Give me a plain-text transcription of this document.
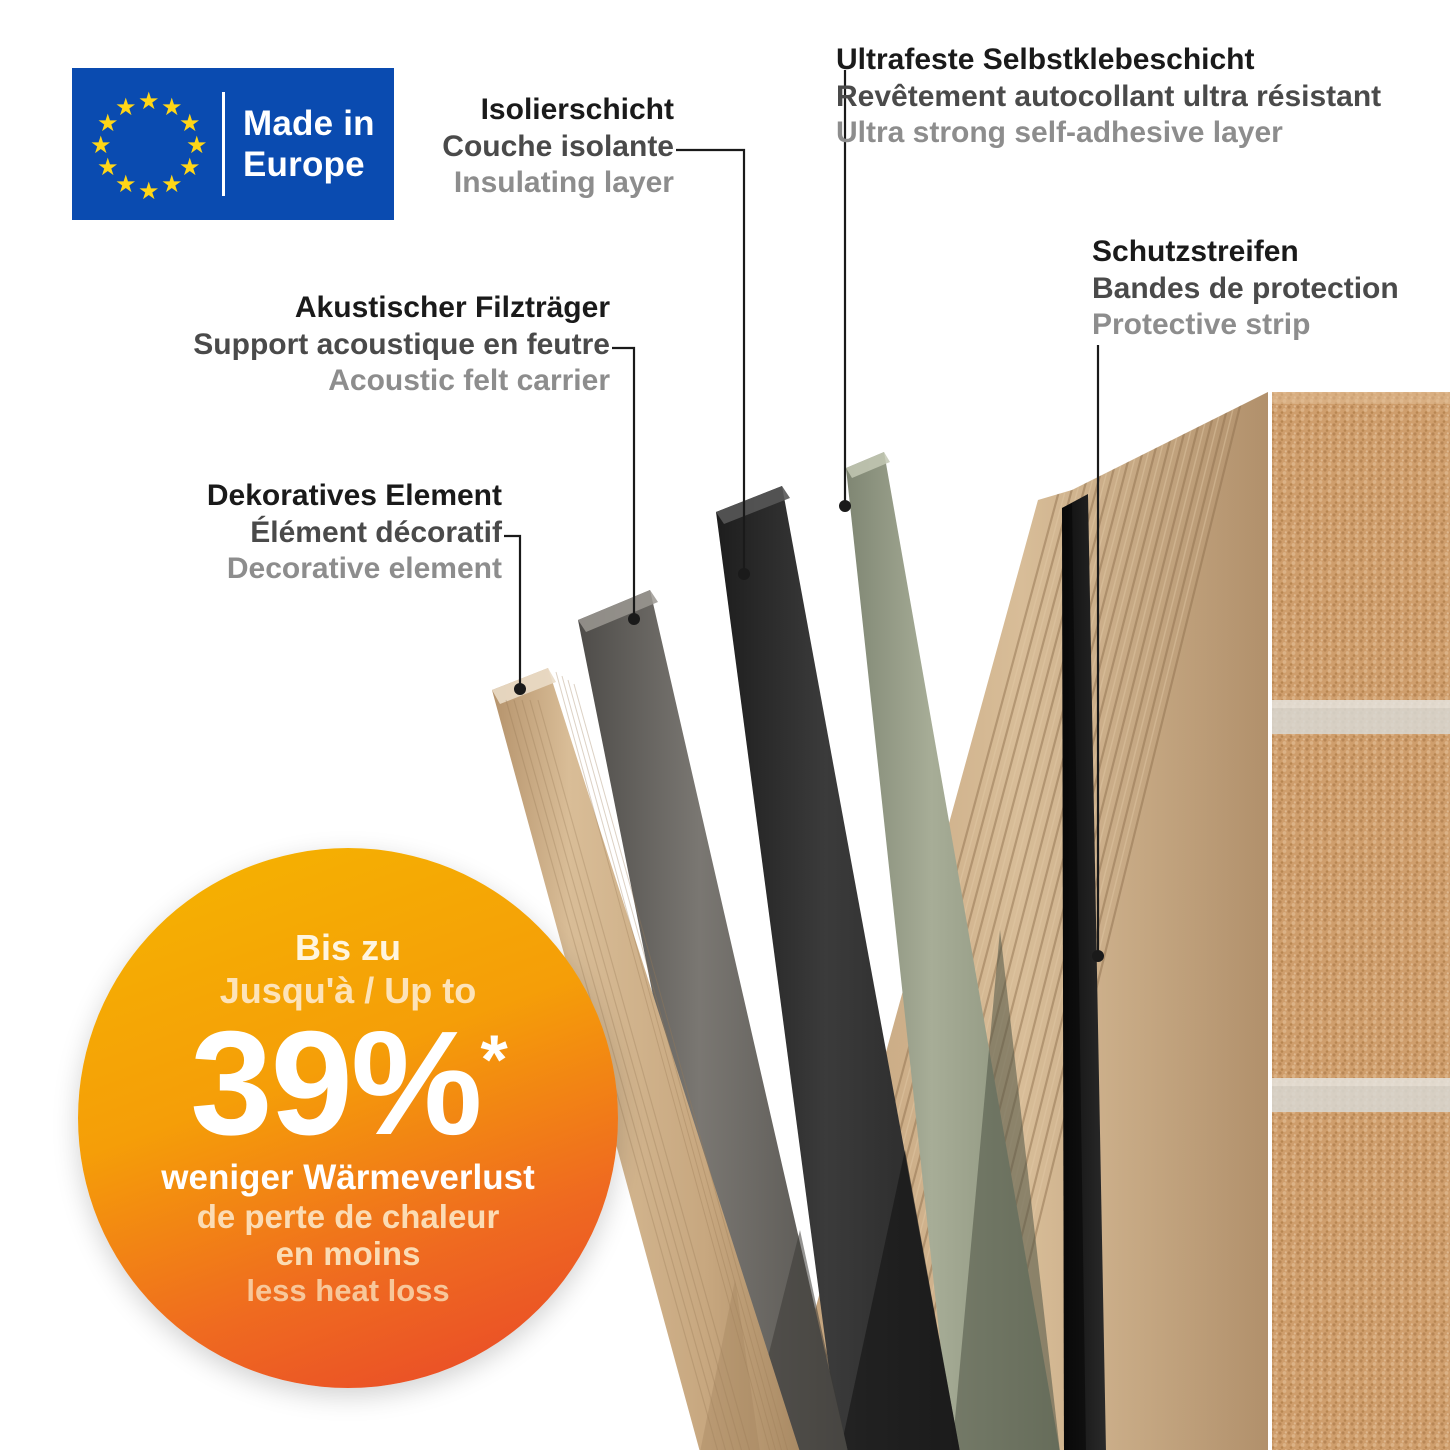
★
★ ★
★	★
★	★
★	★
★ ★
★
Made in
Europe
Dekoratives Element
Élément décoratif
Decorative element
Akustischer Filzträger
Support acoustique en feutre
Acoustic felt carrier
Isolierschicht
Couche isolante
Insulating layer
Ultrafeste Selbstklebeschicht
Revêtement autocollant ultra résistant
Ultra strong self-adhesive layer
Schutzstreifen
Bandes de protection
Protective strip
Bis zu
Jusqu'à / Up to
39%*
weniger Wärmeverlust
de perte de chaleur
en moins
less heat loss
